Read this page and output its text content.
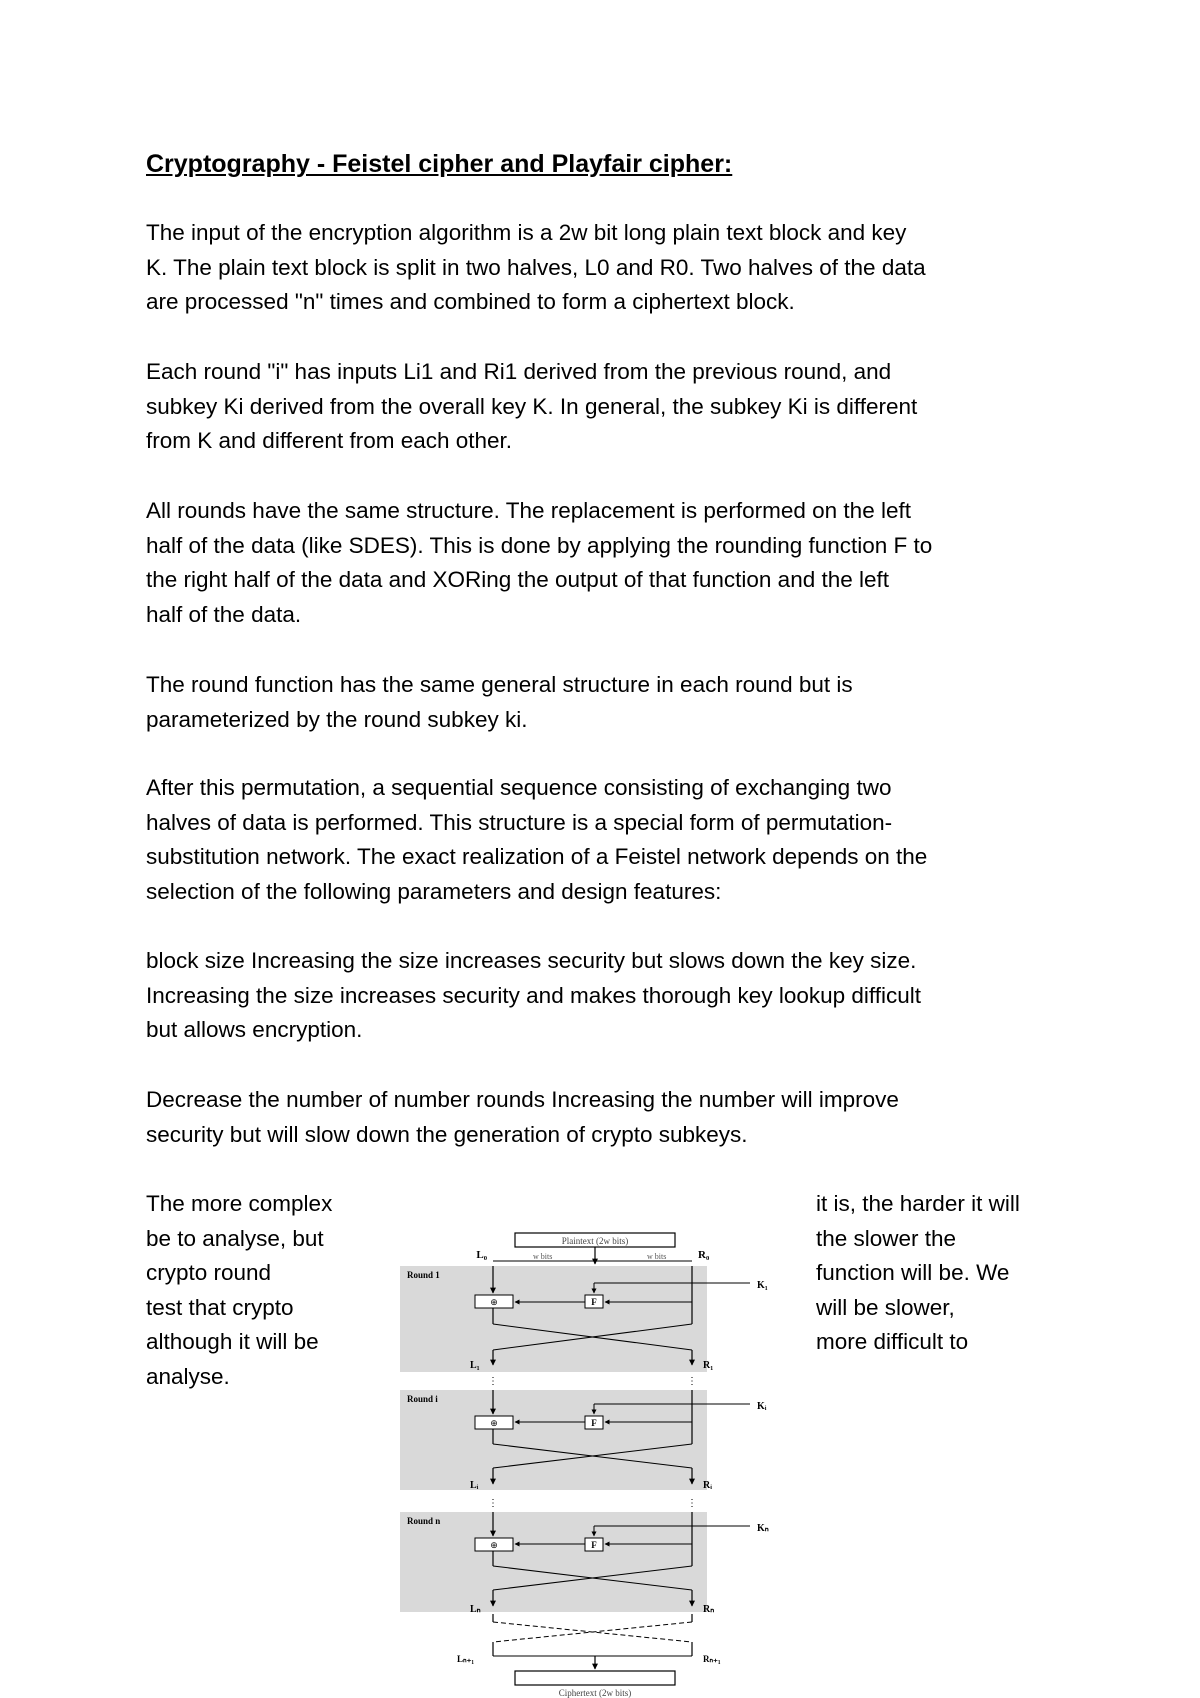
Cryptography - Feistel cipher and Playfair cipher:
The input of the encryption algorithm is a 2w bit long plain text block and key
K. The plain text block is split in two halves, L0 and R0. Two halves of the data
are processed "n" times and combined to form a ciphertext block.
Each round "i" has inputs Li1 and Ri1 derived from the previous round, and
subkey Ki derived from the overall key K. In general, the subkey Ki is different
from K and different from each other.
All rounds have the same structure. The replacement is performed on the left
half of the data (like SDES). This is done by applying the rounding function F to
the right half of the data and XORing the output of that function and the left
half of the data.
The round function has the same general structure in each round but is
parameterized by the round subkey ki.
After this permutation, a sequential sequence consisting of exchanging two
halves of data is performed. This structure is a special form of permutation-
substitution network. The exact realization of a Feistel network depends on the
selection of the following parameters and design features:
block size Increasing the size increases security but slows down the key size.
Increasing the size increases security and makes thorough key lookup difficult
but allows encryption.
Decrease the number of number rounds Increasing the number will improve
security but will slow down the generation of crypto subkeys.
The more complex
be to analyse, but
crypto round
test that crypto
although it will be
analyse.
it is, the harder it will
the slower the
function will be. We
will be slower,
more difficult to
Plaintext (2w bits)
L₀	R₀
w bits	w bits
Round 1
⊕	F
K₁
L₁	R₁
⋮	⋮
Round i
⊕	F
Kᵢ
Lᵢ	Rᵢ
⋮	⋮
Round n
⊕	F
Kₙ
Lₙ	Rₙ
Lₙ₊₁	Rₙ₊₁
Ciphertext (2w bits)
